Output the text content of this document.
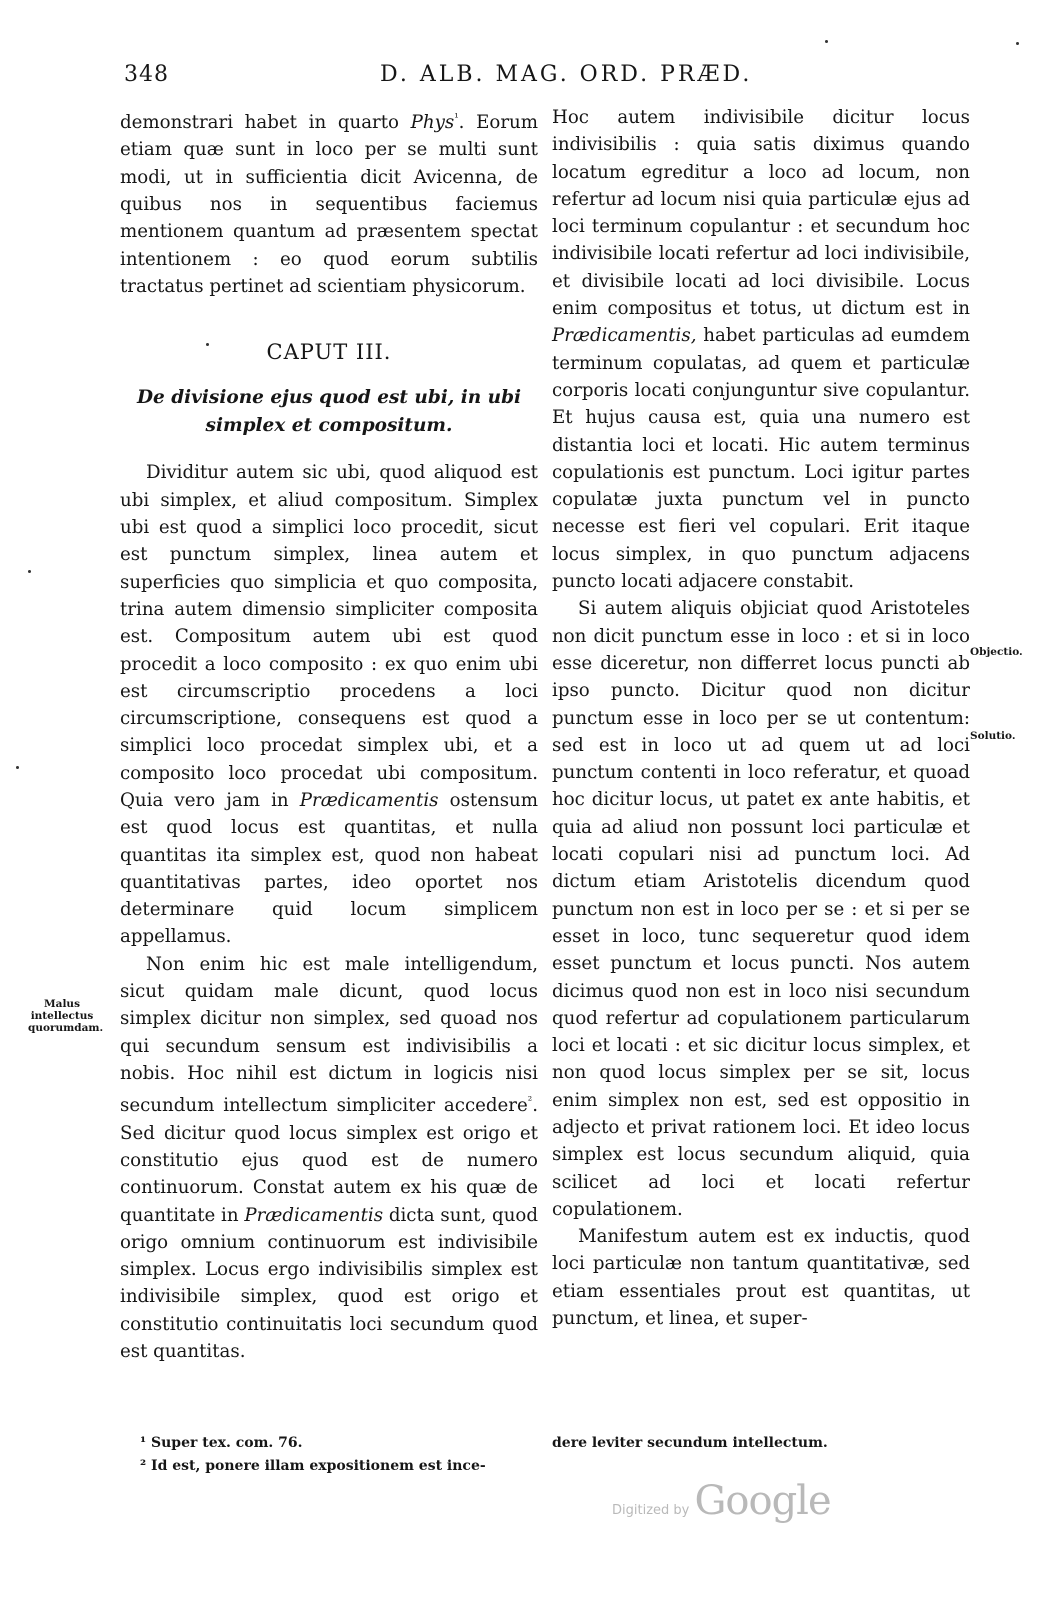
348	D. ALB. MAG. ORD. PRÆD.

demonstrari habet in quarto Phys$^{^1}$. Eorum etiam quæ sunt in loco per se multi sunt modi, ut in sufficientia dicit Avicenna, de quibus nos in sequentibus faciemus mentionem quantum ad præsentem spectat intentionem : eo quod eorum subtilis tractatus pertinet ad scientiam physicorum.

CAPUT III.

De divisione ejus quod est ubi, in ubi
simplex et compositum.

Dividitur autem sic ubi, quod aliquod est ubi simplex, et aliud compositum. Simplex ubi est quod a simplici loco procedit, sicut est punctum simplex, linea autem et superficies quo simplicia et quo composita, trina autem dimensio simpliciter composita est. Compositum autem ubi est quod procedit a loco composito : ex quo enim ubi est circumscriptio procedens a loci circumscriptione, consequens est quod a simplici loco procedat simplex ubi, et a composito loco procedat ubi compositum. Quia vero jam in Prædicamentis ostensum est quod locus est quantitas, et nulla quantitas ita simplex est, quod non habeat quantitativas partes, ideo oportet nos determinare quid locum simplicem appellamus.

Non enim hic est male intelligendum, sicut quidam male dicunt, quod locus simplex dicitur non simplex, sed quoad nos qui secundum sensum est indivisibilis a nobis. Hoc nihil est dictum in logicis nisi secundum intellectum simpliciter accedere$^{^2}$. Sed dicitur quod locus simplex est origo et constitutio ejus quod est de numero continuorum. Constat autem ex his quæ de quantitate in Prædicamentis dicta sunt, quod origo omnium continuorum est indivisibile simplex. Locus ergo indivisibilis simplex est indivisibile simplex, quod est origo et constitutio continuitatis loci secundum quod est quantitas.

Hoc autem indivisibile dicitur locus indivisibilis : quia satis diximus quando locatum egreditur a loco ad locum, non refertur ad locum nisi quia particulæ ejus ad loci terminum copulantur : et secundum hoc indivisibile locati refertur ad loci indivisibile, et divisibile locati ad loci divisibile. Locus enim compositus et totus, ut dictum est in Prædicamentis, habet particulas ad eumdem terminum copulatas, ad quem et particulæ corporis locati conjunguntur sive copulantur. Et hujus causa est, quia una numero est distantia loci et locati. Hic autem terminus copulationis est punctum. Loci igitur partes copulatæ juxta punctum vel in puncto necesse est fieri vel copulari. Erit itaque locus simplex, in quo punctum adjacens puncto locati adjacere constabit.

Si autem aliquis objiciat quod Aristoteles non dicit punctum esse in loco : et si in loco esse diceretur, non differret locus puncti ab ipso puncto. Dicitur quod non dicitur punctum esse in loco per se ut contentum: sed est in loco ut ad quem ut ad loci punctum contenti in loco referatur, et quoad hoc dicitur locus, ut patet ex ante habitis, et quia ad aliud non possunt loci particulæ et locati copulari nisi ad punctum loci. Ad dictum etiam Aristotelis dicendum quod punctum non est in loco per se : et si per se esset in loco, tunc sequeretur quod idem esset punctum et locus puncti. Nos autem dicimus quod non est in loco nisi secundum quod refertur ad copulationem particularum loci et locati : et sic dicitur locus simplex, et non quod locus simplex per se sit, locus enim simplex non est, sed est oppositio in adjecto et privat rationem loci. Et ideo locus simplex est locus secundum aliquid, quia scilicet ad loci et locati refertur copulationem.

Manifestum autem est ex inductis, quod loci particulæ non tantum quantitativæ, sed etiam essentiales prout est quantitas, ut punctum, et linea, et super-

¹ Super tex. com. 76.
² Id est, ponere illam expositionem est ince-
dere leviter secundum intellectum.
Malus intellectus quorumdam.
Objectio.
Solutio.
Digitized by Google
